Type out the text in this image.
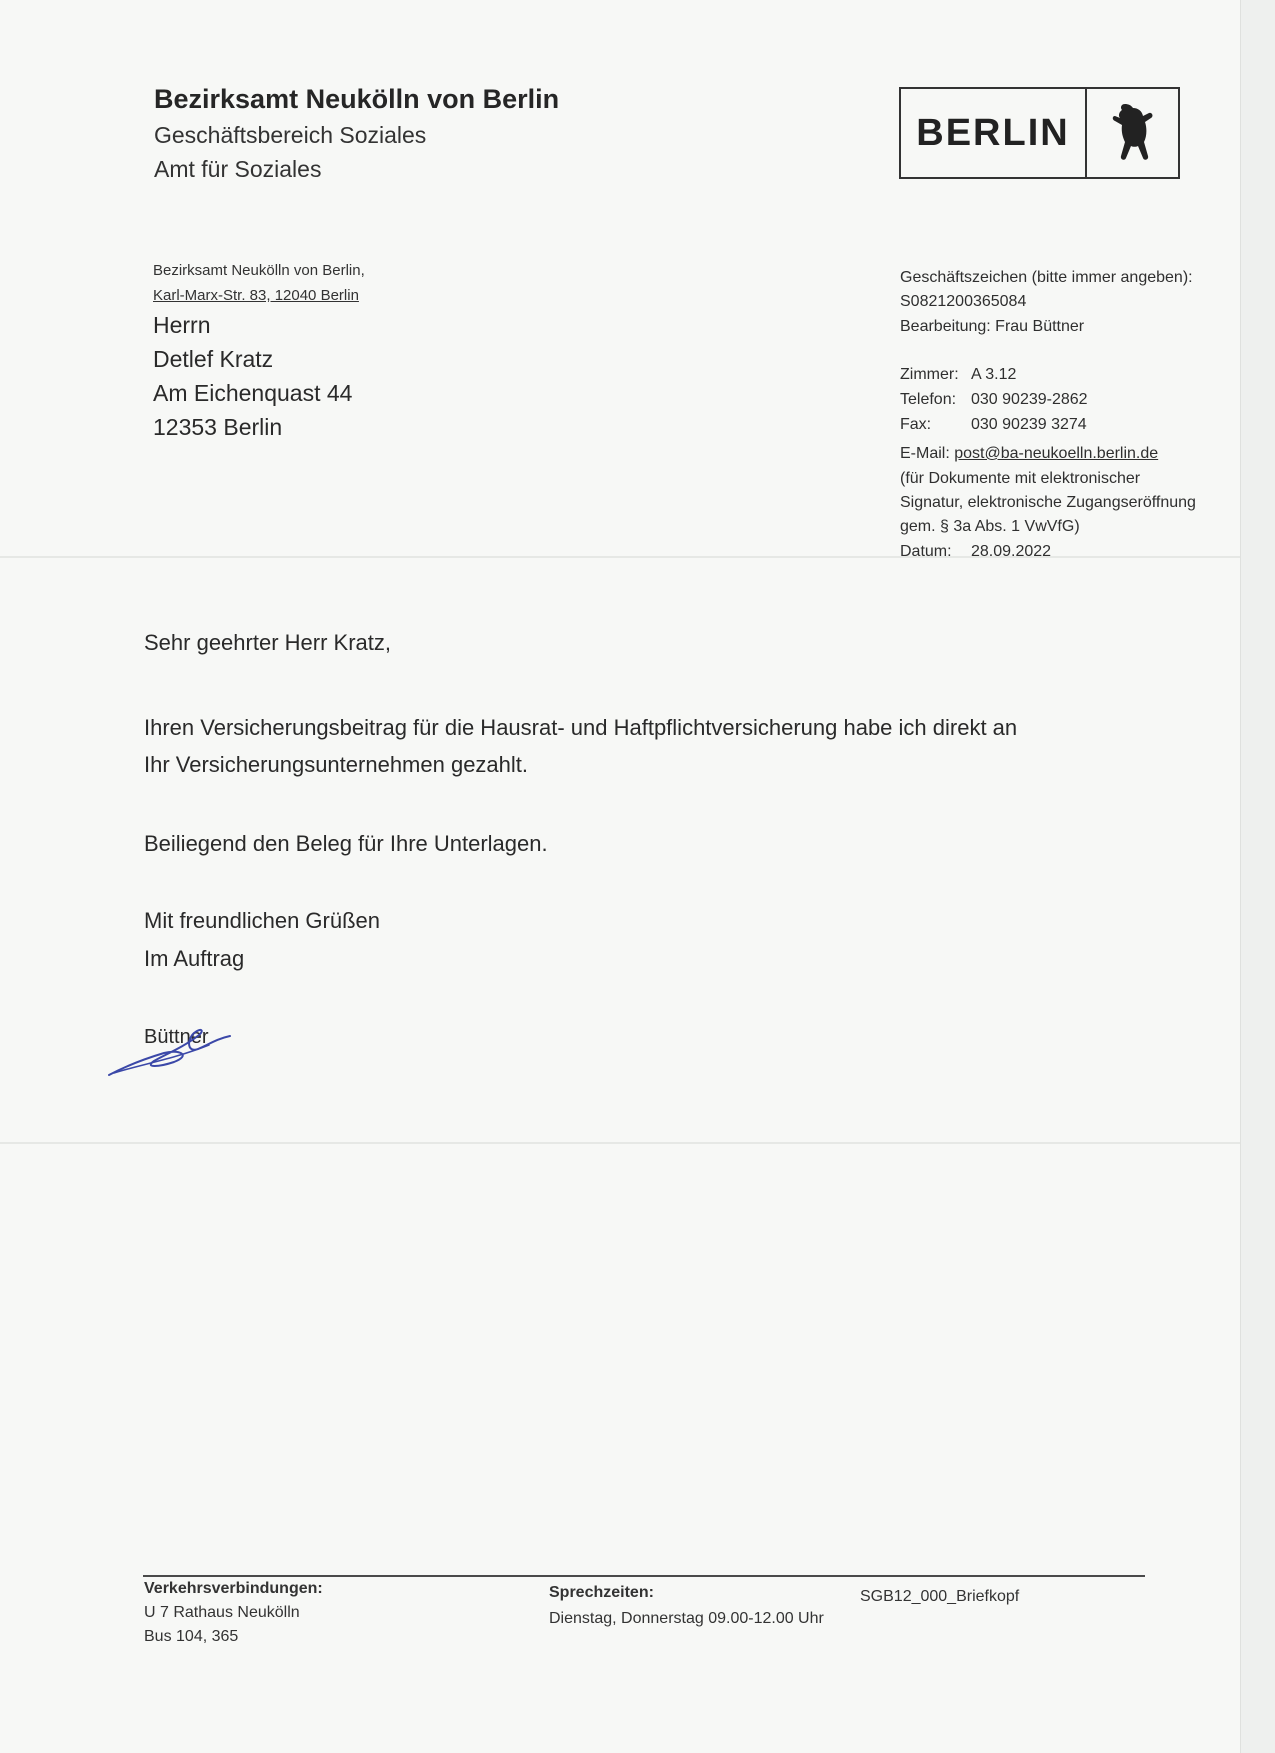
Bezirksamt Neukölln von Berlin
Geschäftsbereich Soziales
Amt für Soziales
BERLIN
Bezirksamt Neukölln von Berlin,
Karl-Marx-Str. 83, 12040 Berlin
Herrn
Detlef Kratz
Am Eichenquast 44
12353 Berlin
Geschäftszeichen (bitte immer angeben):
S0821200365084
Bearbeitung: Frau Büttner
Zimmer: A 3.12
Telefon: 030 90239-2862
Fax: 030 90239 3274
E-Mail: post@ba-neukoelln.berlin.de
(für Dokumente mit elektronischer
Signatur, elektronische Zugangseröffnung
gem. § 3a Abs. 1 VwVfG)
Datum: 28.09.2022
Sehr geehrter Herr Kratz,
Ihren Versicherungsbeitrag für die Hausrat- und Haftpflichtversicherung habe ich direkt an
Ihr Versicherungsunternehmen gezahlt.
Beiliegend den Beleg für Ihre Unterlagen.
Mit freundlichen Grüßen
Im Auftrag
Büttner
Verkehrsverbindungen:
U 7 Rathaus Neukölln
Bus 104, 365
Sprechzeiten:
Dienstag, Donnerstag 09.00-12.00 Uhr
SGB12_000_Briefkopf
